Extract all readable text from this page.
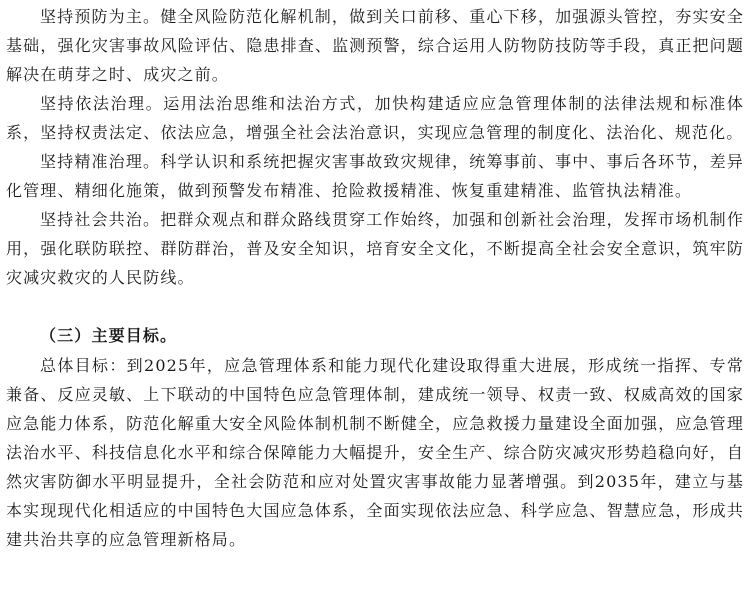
坚持预防为主。健全风险防范化解机制，做到关口前移、重心下移，加强源头管控，夯实安全基础，强化灾害事故风险评估、隐患排查、监测预警，综合运用人防物防技防等手段，真正把问题解决在萌芽之时、成灾之前。

坚持依法治理。运用法治思维和法治方式，加快构建适应应急管理体制的法律法规和标准体系，坚持权责法定、依法应急，增强全社会法治意识，实现应急管理的制度化、法治化、规范化。

坚持精准治理。科学认识和系统把握灾害事故致灾规律，统筹事前、事中、事后各环节，差异化管理、精细化施策，做到预警发布精准、抢险救援精准、恢复重建精准、监管执法精准。

坚持社会共治。把群众观点和群众路线贯穿工作始终，加强和创新社会治理，发挥市场机制作用，强化联防联控、群防群治，普及安全知识，培育安全文化，不断提高全社会安全意识，筑牢防灾减灾救灾的人民防线。

（三）主要目标。

总体目标：到2025年，应急管理体系和能力现代化建设取得重大进展，形成统一指挥、专常兼备、反应灵敏、上下联动的中国特色应急管理体制，建成统一领导、权责一致、权威高效的国家应急能力体系，防范化解重大安全风险体制机制不断健全，应急救援力量建设全面加强，应急管理法治水平、科技信息化水平和综合保障能力大幅提升，安全生产、综合防灾减灾形势趋稳向好，自然灾害防御水平明显提升，全社会防范和应对处置灾害事故能力显著增强。到2035年，建立与基本实现现代化相适应的中国特色大国应急体系，全面实现依法应急、科学应急、智慧应急，形成共建共治共享的应急管理新格局。
